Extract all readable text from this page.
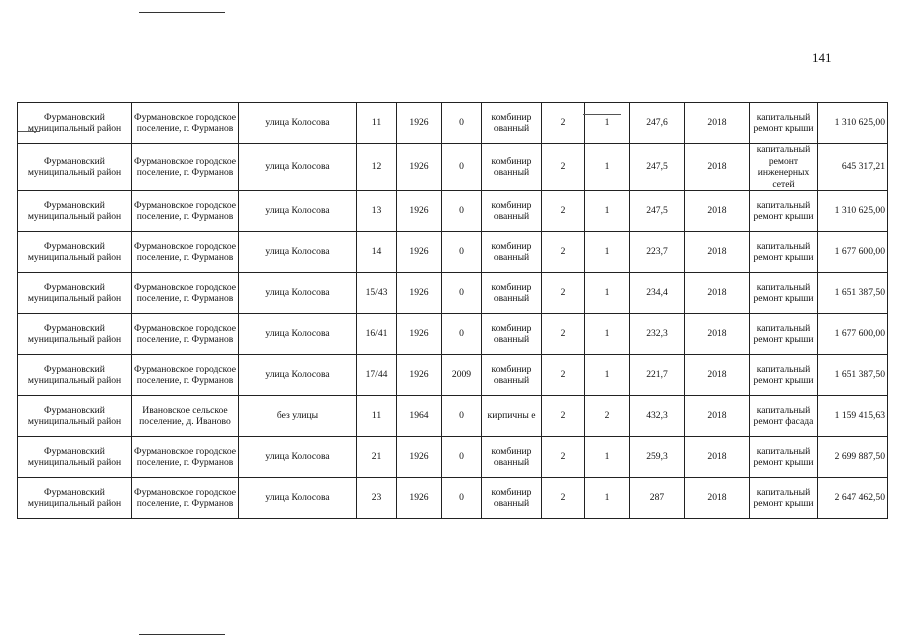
141
Фурмановский муниципальный район	Фурмановское городское поселение, г. Фурманов	улица Колосова	11	1926	0	комбинир ованный	2	1	247,6	2018	капитальный ремонт крыши	1 310 625,00
Фурмановский муниципальный район	Фурмановское городское поселение, г. Фурманов	улица Колосова	12	1926	0	комбинир ованный	2	1	247,5	2018	капитальный ремонт инженерных сетей	645 317,21
Фурмановский муниципальный район	Фурмановское городское поселение, г. Фурманов	улица Колосова	13	1926	0	комбинир ованный	2	1	247,5	2018	капитальный ремонт крыши	1 310 625,00
Фурмановский муниципальный район	Фурмановское городское поселение, г. Фурманов	улица Колосова	14	1926	0	комбинир ованный	2	1	223,7	2018	капитальный ремонт крыши	1 677 600,00
Фурмановский муниципальный район	Фурмановское городское поселение, г. Фурманов	улица Колосова	15/43	1926	0	комбинир ованный	2	1	234,4	2018	капитальный ремонт крыши	1 651 387,50
Фурмановский муниципальный район	Фурмановское городское поселение, г. Фурманов	улица Колосова	16/41	1926	0	комбинир ованный	2	1	232,3	2018	капитальный ремонт крыши	1 677 600,00
Фурмановский муниципальный район	Фурмановское городское поселение, г. Фурманов	улица Колосова	17/44	1926	2009	комбинир ованный	2	1	221,7	2018	капитальный ремонт крыши	1 651 387,50
Фурмановский муниципальный район	Ивановское сельское поселение, д. Иваново	без улицы	11	1964	0	кирпичны е	2	2	432,3	2018	капитальный ремонт фасада	1 159 415,63
Фурмановский муниципальный район	Фурмановское городское поселение, г. Фурманов	улица Колосова	21	1926	0	комбинир ованный	2	1	259,3	2018	капитальный ремонт крыши	2 699 887,50
Фурмановский муниципальный район	Фурмановское городское поселение, г. Фурманов	улица Колосова	23	1926	0	комбинир ованный	2	1	287	2018	капитальный ремонт крыши	2 647 462,50
